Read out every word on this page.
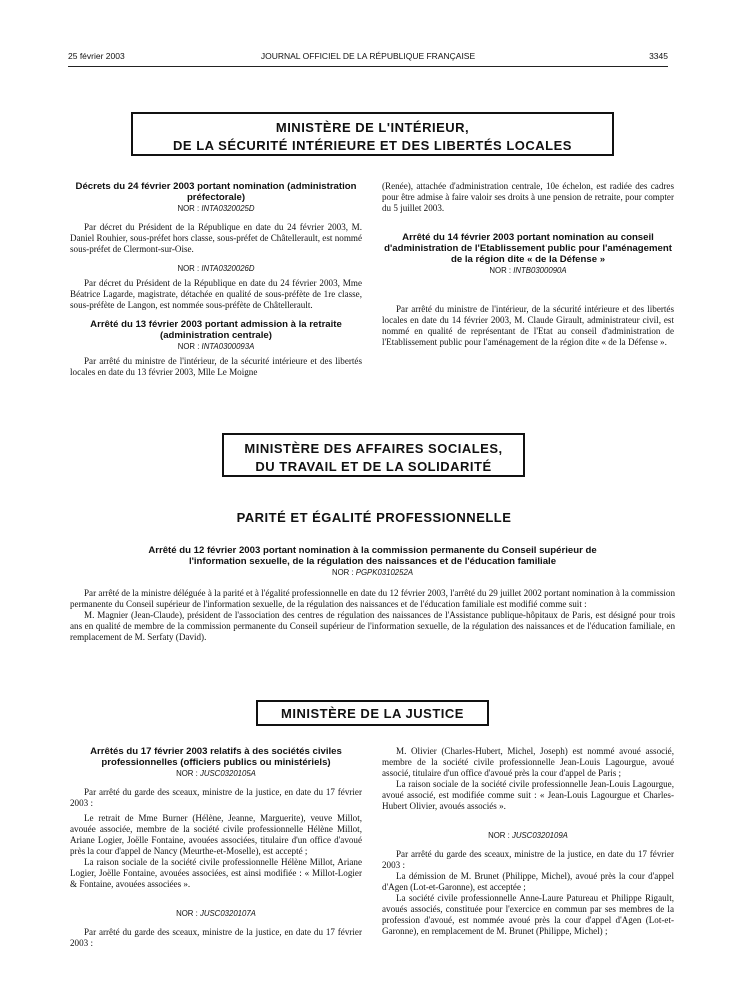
25 février 2003	JOURNAL OFFICIEL DE LA RÉPUBLIQUE FRANÇAISE	3345
MINISTÈRE DE L'INTÉRIEUR,
DE LA SÉCURITÉ INTÉRIEURE ET DES LIBERTÉS LOCALES

Décrets du 24 février 2003 portant nomination (administration préfectorale)

NOR : INTA0320025D

Par décret du Président de la République en date du 24 février 2003, M. Daniel Rouhier, sous-préfet hors classe, sous-préfet de Châtellerault, est nommé sous-préfet de Clermont-sur-Oise.

NOR : INTA0320026D

Par décret du Président de la République en date du 24 février 2003, Mme Béatrice Lagarde, magistrate, détachée en qualité de sous-préfète de 1re classe, sous-préfète de Langon, est nommée sous-préfète de Châtellerault.

Arrêté du 13 février 2003 portant admission à la retraite (administration centrale)

NOR : INTA0300093A

Par arrêté du ministre de l'intérieur, de la sécurité intérieure et des libertés locales en date du 13 février 2003, Mlle Le Moigne

(Renée), attachée d'administration centrale, 10e échelon, est radiée des cadres pour être admise à faire valoir ses droits à une pension de retraite, pour compter du 5 juillet 2003.

Arrêté du 14 février 2003 portant nomination au conseil d'administration de l'Etablissement public pour l'aménagement de la région dite « de la Défense »

NOR : INTB0300090A

Par arrêté du ministre de l'intérieur, de la sécurité intérieure et des libertés locales en date du 14 février 2003, M. Claude Girault, administrateur civil, est nommé en qualité de représentant de l'Etat au conseil d'administration de l'Etablissement public pour l'aménagement de la région dite « de la Défense ».

MINISTÈRE DES AFFAIRES SOCIALES,
DU TRAVAIL ET DE LA SOLIDARITÉ
PARITÉ ET ÉGALITÉ PROFESSIONNELLE

Arrêté du 12 février 2003 portant nomination à la commission permanente du Conseil supérieur de l'information sexuelle, de la régulation des naissances et de l'éducation familiale

NOR : PGPK0310252A

Par arrêté de la ministre déléguée à la parité et à l'égalité professionnelle en date du 12 février 2003, l'arrêté du 29 juillet 2002 portant nomination à la commission permanente du Conseil supérieur de l'information sexuelle, de la régulation des naissances et de l'éducation familiale est modifié comme suit :

M. Magnier (Jean-Claude), président de l'association des centres de régulation des naissances de l'Assistance publique-hôpitaux de Paris, est désigné pour trois ans en qualité de membre de la commission permanente du Conseil supérieur de l'information sexuelle, de la régulation des naissances et de l'éducation familiale, en remplacement de M. Serfaty (David).

MINISTÈRE DE LA JUSTICE

Arrêtés du 17 février 2003 relatifs à des sociétés civiles professionnelles (officiers publics ou ministériels)

NOR : JUSC0320105A

Par arrêté du garde des sceaux, ministre de la justice, en date du 17 février 2003 :

Le retrait de Mme Burner (Hélène, Jeanne, Marguerite), veuve Millot, avouée associée, membre de la société civile professionnelle Hélène Millot, Ariane Logier, Joëlle Fontaine, avouées associées, titulaire d'un office d'avoué près la cour d'appel de Nancy (Meurthe-et-Moselle), est accepté ;

La raison sociale de la société civile professionnelle Hélène Millot, Ariane Logier, Joëlle Fontaine, avouées associées, est ainsi modifiée : « Millot-Logier & Fontaine, avouées associées ».

NOR : JUSC0320107A

Par arrêté du garde des sceaux, ministre de la justice, en date du 17 février 2003 :

M. Olivier (Charles-Hubert, Michel, Joseph) est nommé avoué associé, membre de la société civile professionnelle Jean-Louis Lagourgue, avoué associé, titulaire d'un office d'avoué près la cour d'appel de Paris ;

La raison sociale de la société civile professionnelle Jean-Louis Lagourgue, avoué associé, est modifiée comme suit : « Jean-Louis Lagourgue et Charles-Hubert Olivier, avoués associés ».

NOR : JUSC0320109A

Par arrêté du garde des sceaux, ministre de la justice, en date du 17 février 2003 :

La démission de M. Brunet (Philippe, Michel), avoué près la cour d'appel d'Agen (Lot-et-Garonne), est acceptée ;

La société civile professionnelle Anne-Laure Patureau et Philippe Rigault, avoués associés, constituée pour l'exercice en commun par ses membres de la profession d'avoué, est nommée avoué près la cour d'appel d'Agen (Lot-et-Garonne), en remplacement de M. Brunet (Philippe, Michel) ;
